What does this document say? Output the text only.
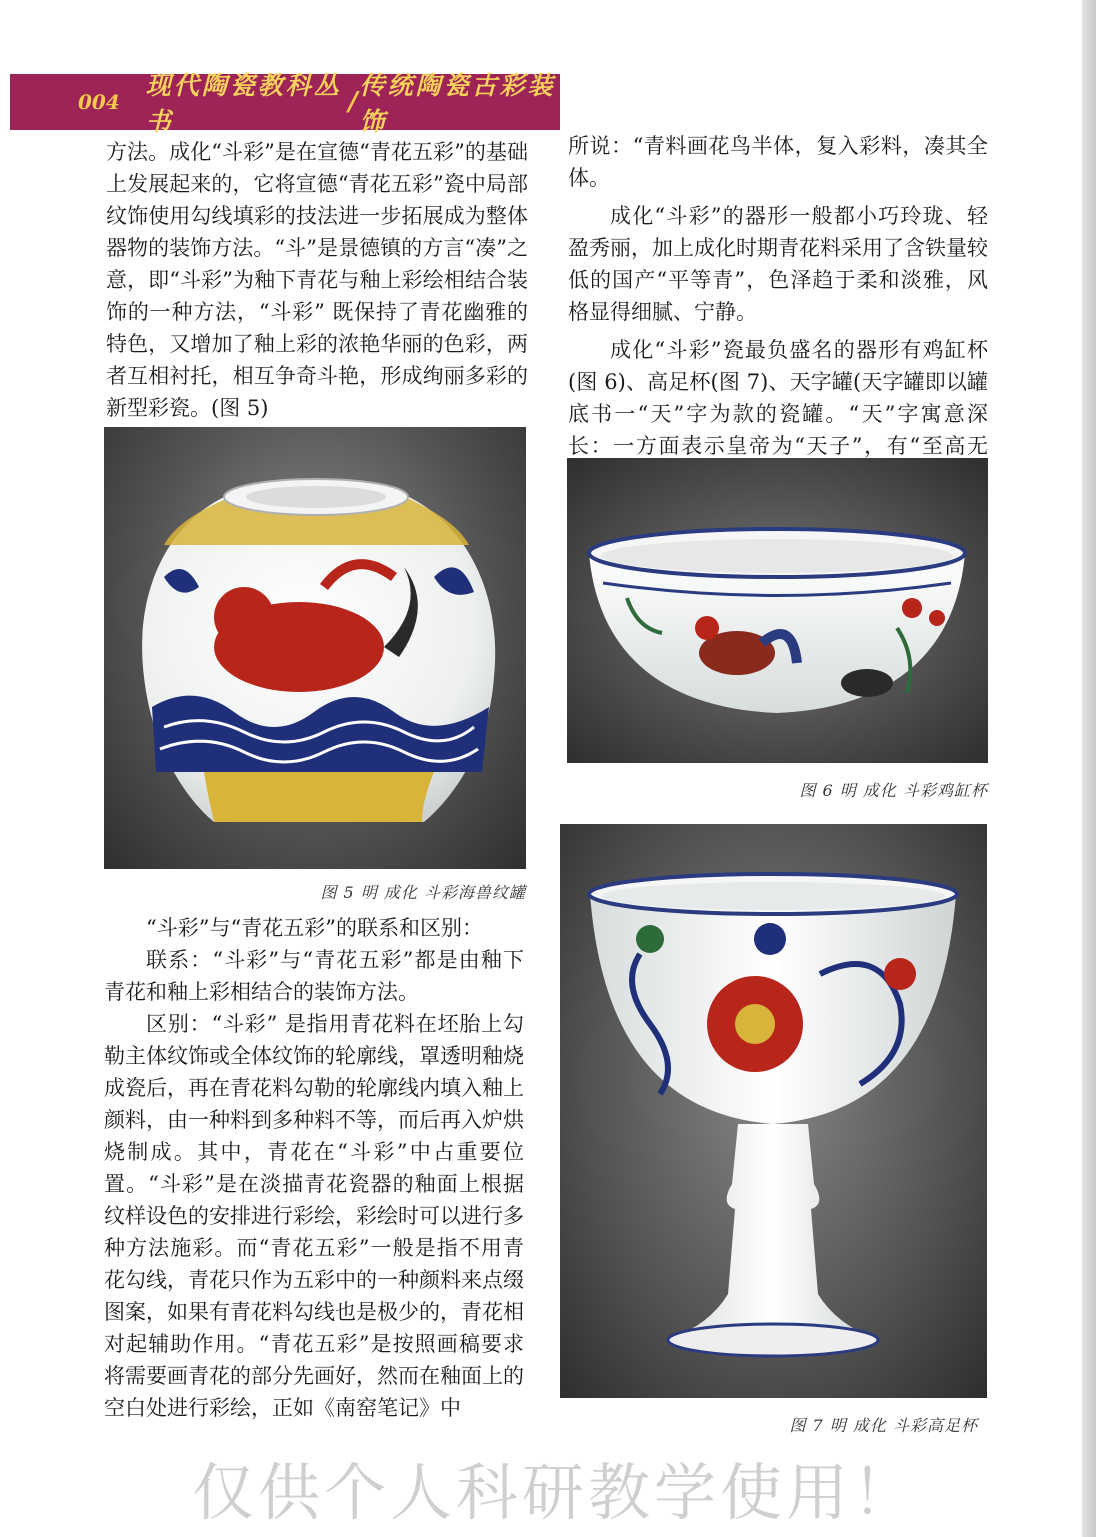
004
现代陶瓷教科丛书
/
传统陶瓷古彩装饰

方法。成化“斗彩”是在宣德“青花五彩”的基础上发展起来的，它将宣德“青花五彩”瓷中局部纹饰使用勾线填彩的技法进一步拓展成为整体器物的装饰方法。“斗”是景德镇的方言“凑”之意，即“斗彩”为釉下青花与釉上彩绘相结合装饰的一种方法，“斗彩” 既保持了青花幽雅的特色，又增加了釉上彩的浓艳华丽的色彩，两者互相衬托，相互争奇斗艳，形成绚丽多彩的新型彩瓷。(图 5)

所说：“青料画花鸟半体，复入彩料，凑其全体。

成化“斗彩”的器形一般都小巧玲珑、轻盈秀丽，加上成化时期青花料采用了含铁量较低的国产“平等青”，色泽趋于柔和淡雅，风格显得细腻、宁静。

成化“斗彩”瓷最负盛名的器形有鸡缸杯(图 6)、高足杯(图 7)、天字罐(天字罐即以罐底书一“天”字为款的瓷罐。“天”字寓意深长：一方面表示皇帝为“天子”，有“至高无

图 5 明 成化 斗彩海兽纹罐
图 6 明 成化 斗彩鸡缸杯
图 7 明 成化 斗彩高足杯

“斗彩”与“青花五彩”的联系和区别：

联系：“斗彩”与“青花五彩”都是由釉下青花和釉上彩相结合的装饰方法。

区别：“斗彩” 是指用青花料在坯胎上勾勒主体纹饰或全体纹饰的轮廓线，罩透明釉烧成瓷后，再在青花料勾勒的轮廓线内填入釉上颜料，由一种料到多种料不等，而后再入炉烘烧制成。其中，青花在“斗彩”中占重要位置。“斗彩”是在淡描青花瓷器的釉面上根据纹样设色的安排进行彩绘，彩绘时可以进行多种方法施彩。而“青花五彩”一般是指不用青花勾线，青花只作为五彩中的一种颜料来点缀图案，如果有青花料勾线也是极少的，青花相对起辅助作用。“青花五彩”是按照画稿要求将需要画青花的部分先画好，然而在釉面上的空白处进行彩绘，正如《南窑笔记》中

仅供个人科研教学使用！
